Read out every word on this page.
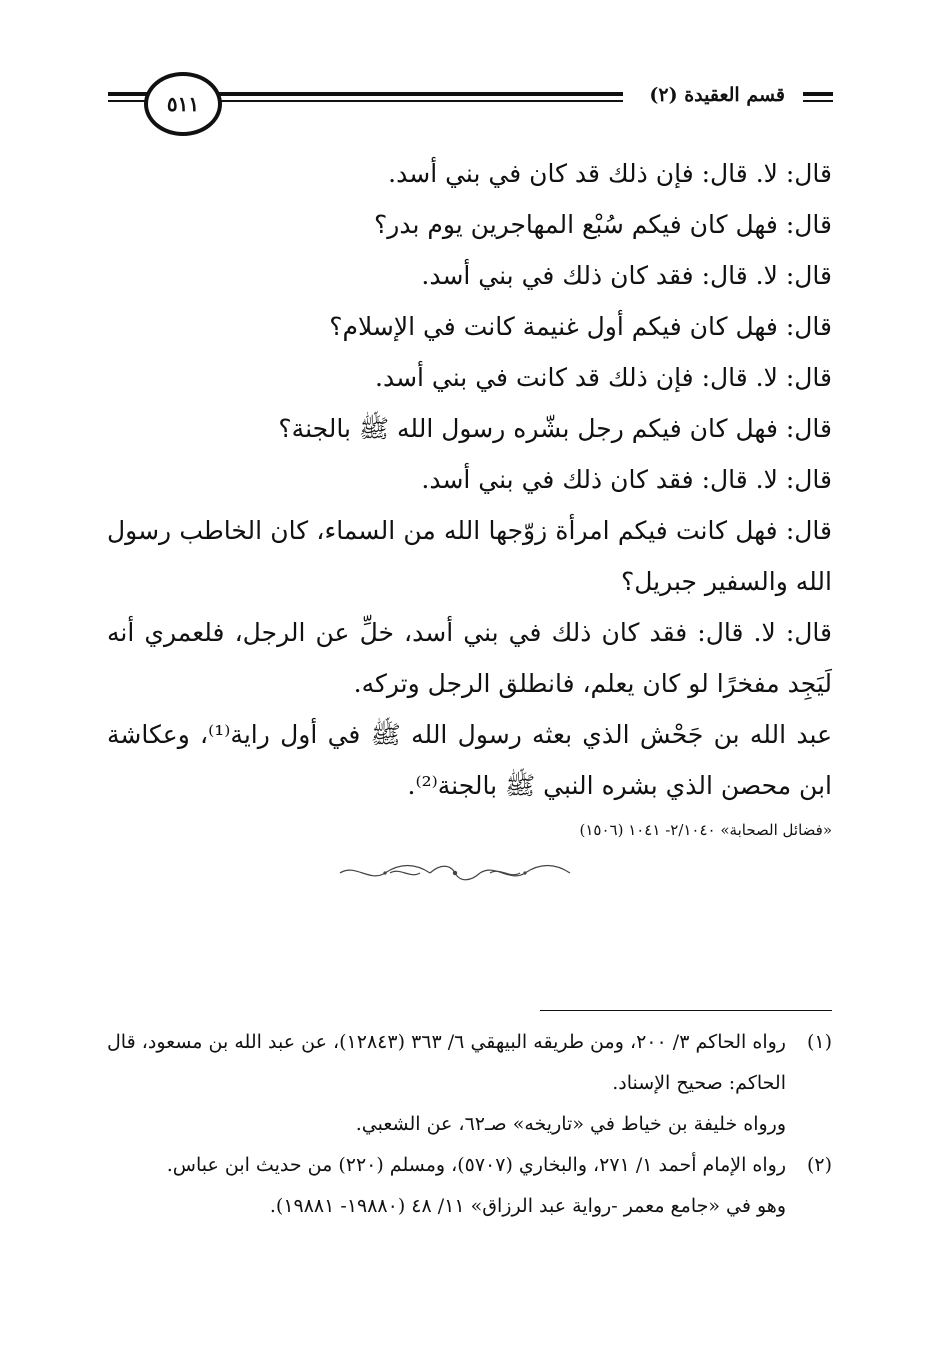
قسم العقيدة (٢)
٥١١

قال: لا. قال: فإن ذلك قد كان في بني أسد.

قال: فهل كان فيكم سُبْع المهاجرين يوم بدر؟

قال: لا. قال: فقد كان ذلك في بني أسد.

قال: فهل كان فيكم أول غنيمة كانت في الإسلام؟

قال: لا. قال: فإن ذلك قد كانت في بني أسد.

قال: فهل كان فيكم رجل بشّره رسول الله ﷺ بالجنة؟

قال: لا. قال: فقد كان ذلك في بني أسد.

قال: فهل كانت فيكم امرأة زوّجها الله من السماء، كان الخاطب رسول الله والسفير جبريل؟

قال: لا. قال: فقد كان ذلك في بني أسد، خلِّ عن الرجل، فلعمري أنه لَيَجِد مفخرًا لو كان يعلم، فانطلق الرجل وتركه.

عبد الله بن جَحْش الذي بعثه رسول الله ﷺ في أول راية⁽¹⁾، وعكاشة ابن محصن الذي بشره النبي ﷺ بالجنة⁽²⁾.

«فضائل الصحابة» ٢/١٠٤٠- ١٠٤١ (١٥٠٦)

(١)
رواه الحاكم ٣/ ٢٠٠، ومن طريقه البيهقي ٦/ ٣٦٣ (١٢٨٤٣)، عن عبد الله بن مسعود، قال الحاكم: صحيح الإسناد.

ورواه خليفة بن خياط في «تاريخه» صـ٦٢، عن الشعبي.

(٢)
رواه الإمام أحمد ١/ ٢٧١، والبخاري (٥٧٠٧)، ومسلم (٢٢٠) من حديث ابن عباس.

وهو في «جامع معمر -رواية عبد الرزاق» ١١/ ٤٨ (١٩٨٨٠- ١٩٨٨١).
